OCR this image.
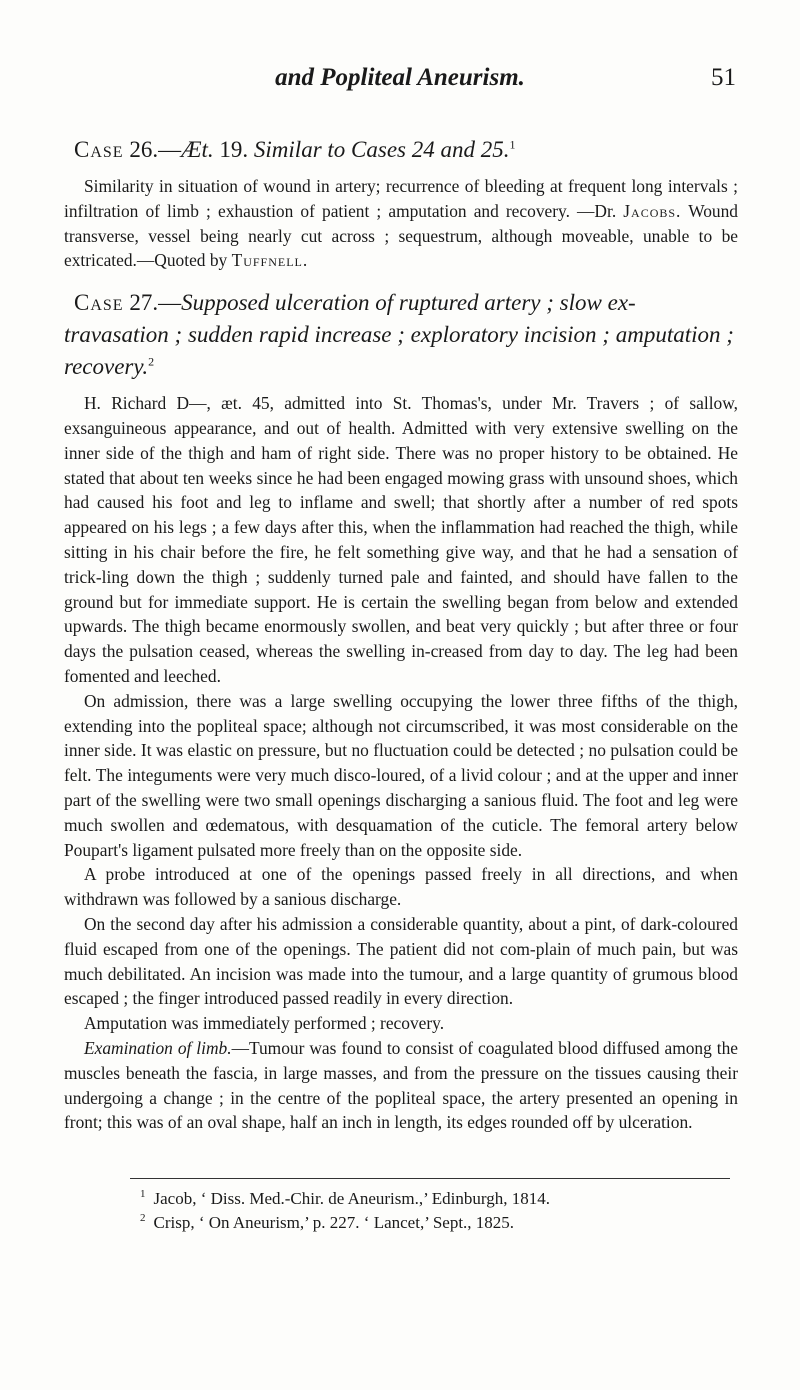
and Popliteal Aneurism.	51
Case 26.—Æt. 19. Similar to Cases 24 and 25.$^1$

Similarity in situation of wound in artery; recurrence of bleeding at frequent long intervals ; infiltration of limb ; exhaustion of patient ; amputation and recovery. —Dr. Jacobs. Wound transverse, vessel being nearly cut across ; sequestrum, although moveable, unable to be extricated.—Quoted by Tuffnell.

Case 27.—Supposed ulceration of ruptured artery ; slow ex-travasation ; sudden rapid increase ; exploratory incision ; amputation ; recovery.$^2$

H. Richard D—, æt. 45, admitted into St. Thomas's, under Mr. Travers ; of sallow, exsanguineous appearance, and out of health. Admitted with very extensive swelling on the inner side of the thigh and ham of right side. There was no proper history to be obtained. He stated that about ten weeks since he had been engaged mowing grass with unsound shoes, which had caused his foot and leg to inflame and swell; that shortly after a number of red spots appeared on his legs ; a few days after this, when the inflammation had reached the thigh, while sitting in his chair before the fire, he felt something give way, and that he had a sensation of trick-ling down the thigh ; suddenly turned pale and fainted, and should have fallen to the ground but for immediate support. He is certain the swelling began from below and extended upwards. The thigh became enormously swollen, and beat very quickly ; but after three or four days the pulsation ceased, whereas the swelling in-creased from day to day. The leg had been fomented and leeched.

On admission, there was a large swelling occupying the lower three fifths of the thigh, extending into the popliteal space; although not circumscribed, it was most considerable on the inner side. It was elastic on pressure, but no fluctuation could be detected ; no pulsation could be felt. The integuments were very much disco-loured, of a livid colour ; and at the upper and inner part of the swelling were two small openings discharging a sanious fluid. The foot and leg were much swollen and œdematous, with desquamation of the cuticle. The femoral artery below Poupart's ligament pulsated more freely than on the opposite side.

A probe introduced at one of the openings passed freely in all directions, and when withdrawn was followed by a sanious discharge.

On the second day after his admission a considerable quantity, about a pint, of dark-coloured fluid escaped from one of the openings. The patient did not com-plain of much pain, but was much debilitated. An incision was made into the tumour, and a large quantity of grumous blood escaped ; the finger introduced passed readily in every direction.

Amputation was immediately performed ; recovery.

Examination of limb.—Tumour was found to consist of coagulated blood diffused among the muscles beneath the fascia, in large masses, and from the pressure on the tissues causing their undergoing a change ; in the centre of the popliteal space, the artery presented an opening in front; this was of an oval shape, half an inch in length, its edges rounded off by ulceration.

$^1$ Jacob, ‘ Diss. Med.-Chir. de Aneurism.,’ Edinburgh, 1814.

$^2$ Crisp, ‘ On Aneurism,’ p. 227. ‘ Lancet,’ Sept., 1825.
